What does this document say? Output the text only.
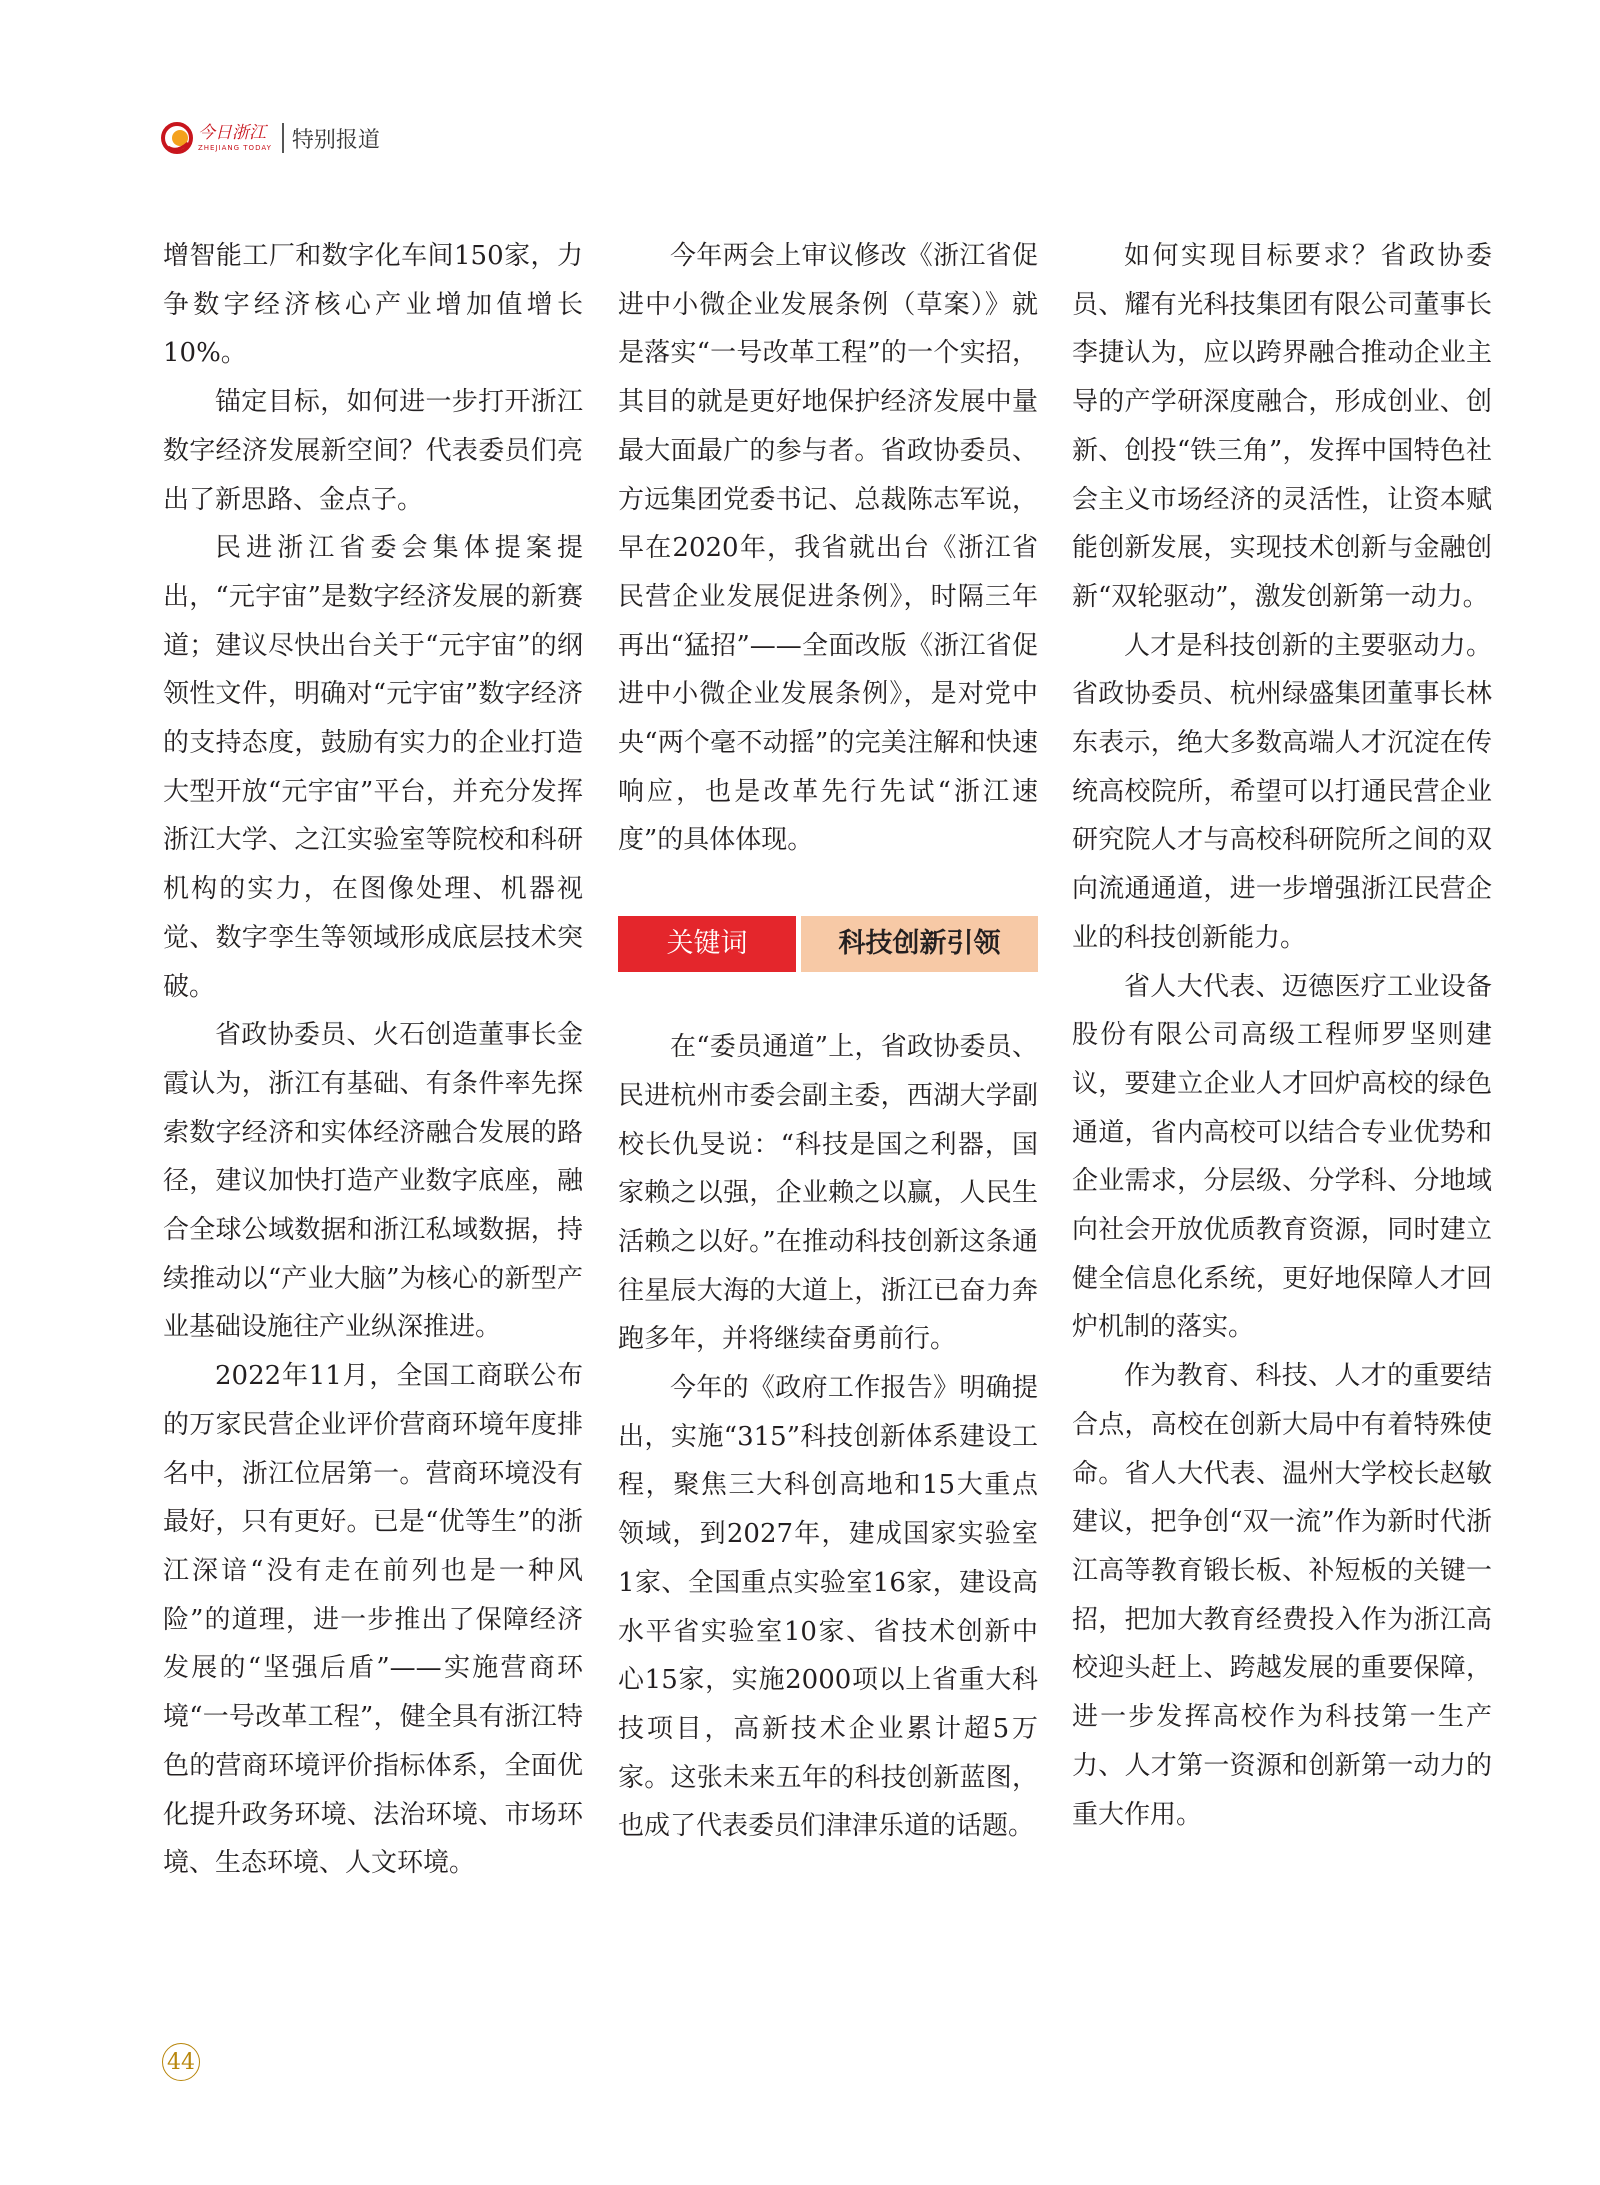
今日浙江
ZHEJIANG TODAY 特别报道

增智能工厂和数字化车间150家，力争数字经济核心产业增加值增长10%。

锚定目标，如何进一步打开浙江数字经济发展新空间？代表委员们亮出了新思路、金点子。

民进浙江省委会集体提案提出，“元宇宙”是数字经济发展的新赛道；建议尽快出台关于“元宇宙”的纲领性文件，明确对“元宇宙”数字经济的支持态度，鼓励有实力的企业打造大型开放“元宇宙”平台，并充分发挥浙江大学、之江实验室等院校和科研机构的实力，在图像处理、机器视觉、数字孪生等领域形成底层技术突破。

省政协委员、火石创造董事长金霞认为，浙江有基础、有条件率先探索数字经济和实体经济融合发展的路径，建议加快打造产业数字底座，融合全球公域数据和浙江私域数据，持续推动以“产业大脑”为核心的新型产业基础设施往产业纵深推进。

2022年11月，全国工商联公布的万家民营企业评价营商环境年度排名中，浙江位居第一。营商环境没有最好，只有更好。已是“优等生”的浙江深谙“没有走在前列也是一种风险”的道理，进一步推出了保障经济发展的“坚强后盾”——实施营商环境“一号改革工程”，健全具有浙江特色的营商环境评价指标体系，全面优化提升政务环境、法治环境、市场环境、生态环境、人文环境。

今年两会上审议修改《浙江省促进中小微企业发展条例（草案）》就是落实“一号改革工程”的一个实招，其目的就是更好地保护经济发展中量最大面最广的参与者。省政协委员、方远集团党委书记、总裁陈志军说，早在2020年，我省就出台《浙江省民营企业发展促进条例》，时隔三年再出“猛招”——全面改版《浙江省促进中小微企业发展条例》，是对党中央“两个毫不动摇”的完美注解和快速响应，也是改革先行先试“浙江速度”的具体体现。

关键词	科技创新引领

在“委员通道”上，省政协委员、民进杭州市委会副主委，西湖大学副校长仇旻说：“科技是国之利器，国家赖之以强，企业赖之以赢，人民生活赖之以好。”在推动科技创新这条通往星辰大海的大道上，浙江已奋力奔跑多年，并将继续奋勇前行。

今年的《政府工作报告》明确提出，实施“315”科技创新体系建设工程，聚焦三大科创高地和15大重点领域，到2027年，建成国家实验室1家、全国重点实验室16家，建设高水平省实验室10家、省技术创新中心15家，实施2000项以上省重大科技项目，高新技术企业累计超5万家。这张未来五年的科技创新蓝图，也成了代表委员们津津乐道的话题。

如何实现目标要求？省政协委员、耀有光科技集团有限公司董事长李捷认为，应以跨界融合推动企业主导的产学研深度融合，形成创业、创新、创投“铁三角”，发挥中国特色社会主义市场经济的灵活性，让资本赋能创新发展，实现技术创新与金融创新“双轮驱动”，激发创新第一动力。

人才是科技创新的主要驱动力。省政协委员、杭州绿盛集团董事长林东表示，绝大多数高端人才沉淀在传统高校院所，希望可以打通民营企业研究院人才与高校科研院所之间的双向流通通道，进一步增强浙江民营企业的科技创新能力。

省人大代表、迈德医疗工业设备股份有限公司高级工程师罗坚则建议，要建立企业人才回炉高校的绿色通道，省内高校可以结合专业优势和企业需求，分层级、分学科、分地域向社会开放优质教育资源，同时建立健全信息化系统，更好地保障人才回炉机制的落实。

作为教育、科技、人才的重要结合点，高校在创新大局中有着特殊使命。省人大代表、温州大学校长赵敏建议，把争创“双一流”作为新时代浙江高等教育锻长板、补短板的关键一招，把加大教育经费投入作为浙江高校迎头赶上、跨越发展的重要保障，进一步发挥高校作为科技第一生产力、人才第一资源和创新第一动力的重大作用。

44
